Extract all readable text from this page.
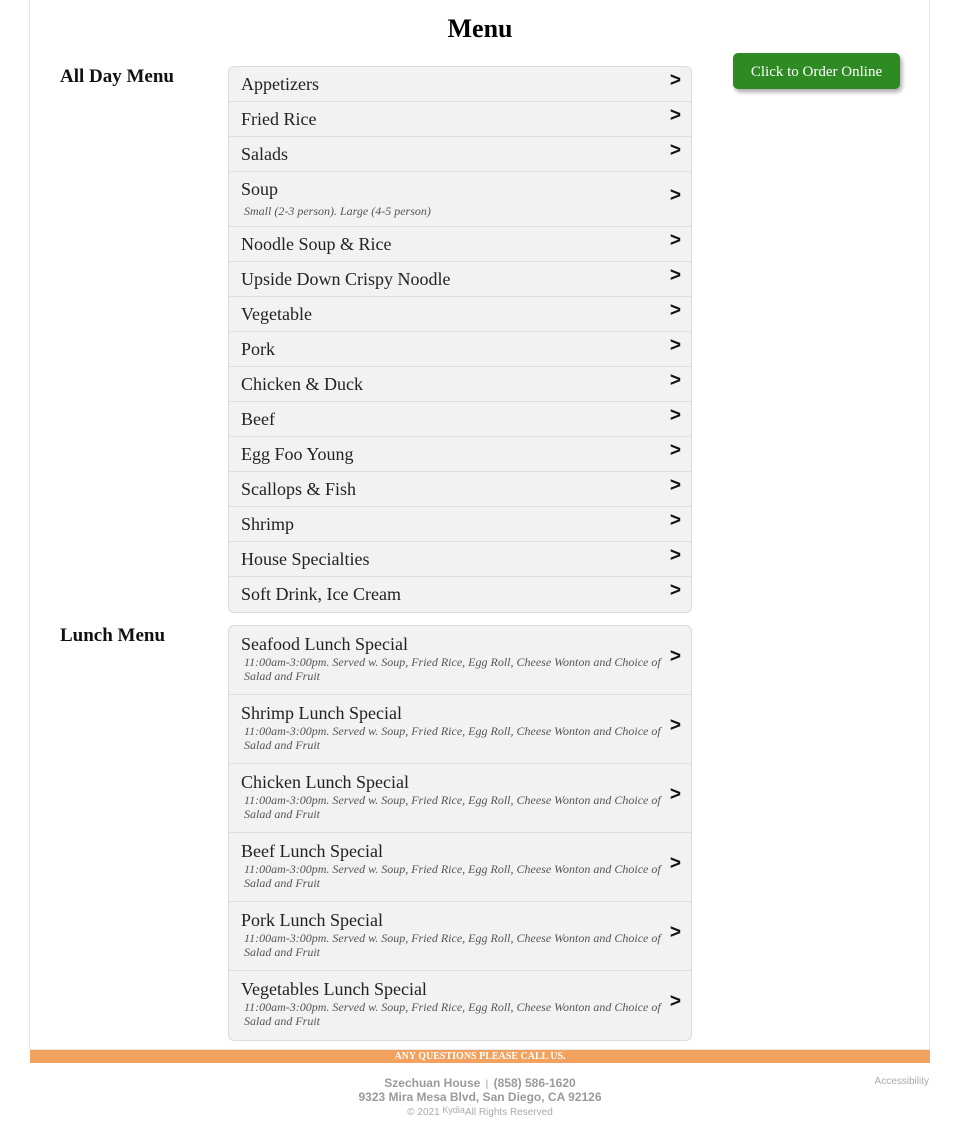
Menu
All Day Menu	Appetizers	>
Fried Rice	>
Salads	>
Soup
Small (2-3 person). Large (4-5 person)
>
Noodle Soup & Rice	>
Upside Down Crispy Noodle	>
Vegetable	>
Pork	>
Chicken & Duck	>
Beef	>
Egg Foo Young	>
Scallops & Fish	>
Shrimp	>
House Specialties	>
Soft Drink, Ice Cream	>
Click to Order Online
Lunch Menu	Seafood Lunch Special
11:00am-3:00pm. Served w. Soup, Fried Rice, Egg Roll, Cheese Wonton and Choice of Salad and Fruit
>
Shrimp Lunch Special
11:00am-3:00pm. Served w. Soup, Fried Rice, Egg Roll, Cheese Wonton and Choice of Salad and Fruit
>
Chicken Lunch Special
11:00am-3:00pm. Served w. Soup, Fried Rice, Egg Roll, Cheese Wonton and Choice of Salad and Fruit
>
Beef Lunch Special
11:00am-3:00pm. Served w. Soup, Fried Rice, Egg Roll, Cheese Wonton and Choice of Salad and Fruit
>
Pork Lunch Special
11:00am-3:00pm. Served w. Soup, Fried Rice, Egg Roll, Cheese Wonton and Choice of Salad and Fruit
>
Vegetables Lunch Special
11:00am-3:00pm. Served w. Soup, Fried Rice, Egg Roll, Cheese Wonton and Choice of Salad and Fruit
>
ANY QUESTIONS PLEASE CALL US.
Szechuan House | (858) 586-1620
9323 Mira Mesa Blvd, San Diego, CA 92126
© 2021 KydiaAll Rights Reserved
Accessibility
